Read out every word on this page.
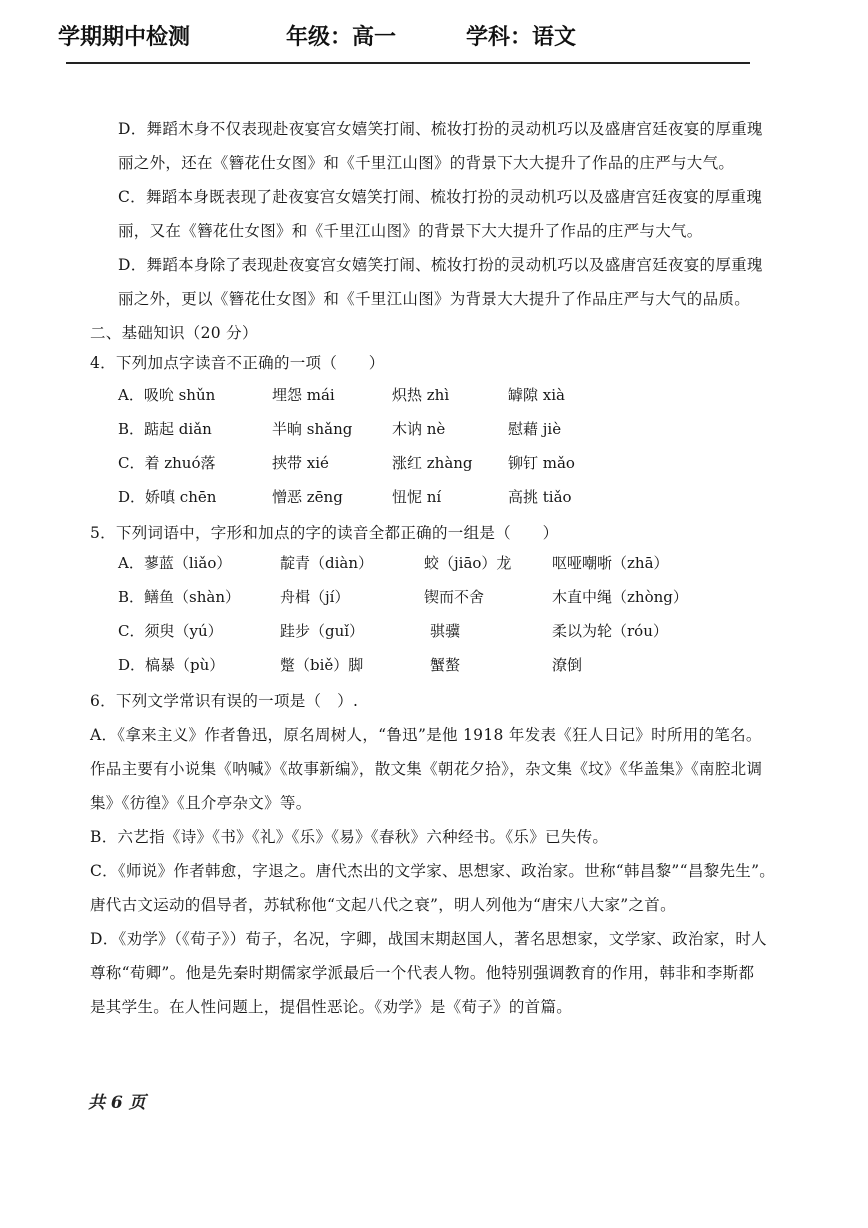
学期期中检测	年级：高一	学科：语文
D．舞蹈木身不仅表现赴夜宴宫女嬉笑打闹、梳妆打扮的灵动机巧以及盛唐宫廷夜宴的厚重瑰
丽之外，还在《簪花仕女图》和《千里江山图》的背景下大大提升了作品的庄严与大气。
C．舞蹈本身既表现了赴夜宴宫女嬉笑打闹、梳妆打扮的灵动机巧以及盛唐宫廷夜宴的厚重瑰
丽，又在《簪花仕女图》和《千里江山图》的背景下大大提升了作品的庄严与大气。
D．舞蹈本身除了表现赴夜宴宫女嬉笑打闹、梳妆打扮的灵动机巧以及盛唐宫廷夜宴的厚重瑰
丽之外，更以《簪花仕女图》和《千里江山图》为背景大大提升了作品庄严与大气的品质。
二、基础知识（20 分）
4．下列加点字读音不正确的一项（　　）
A．吸吮 shǔn	埋怨 mái	炽热 zhì	罅隙 xià
B．踮起 diǎn	半晌 shǎng	木讷 nè	慰藉 jiè
C．着 zhuó落	挟带 xié	涨红 zhàng 铆钉 mǎo
D．娇嗔 chēn	憎恶 zēng	忸怩 ní	高挑 tiǎo
5．下列词语中，字形和加点的字的读音全都正确的一组是（　　）
A．蓼蓝（liǎo）	靛青（diàn）	蛟（jiāo）龙	呕哑嘲哳（zhā）
B．鳝鱼（shàn）	舟楫（jí）	锲而不舍	木直中绳（zhòng）
C．须臾（yú）	跬步（guǐ）	骐骥	柔以为轮（róu）
D．槁暴（pù）	蹩（biě）脚	蟹螯	潦倒
6．下列文学常识有误的一项是（　）.
A．《拿来主义》作者鲁迅，原名周树人，“鲁迅”是他 1918 年发表《狂人日记》时所用的笔名。
作品主要有小说集《呐喊》《故事新编》，散文集《朝花夕拾》，杂文集《坟》《华盖集》《南腔北调
集》《彷徨》《且介亭杂文》等。
B．六艺指《诗》《书》《礼》《乐》《易》《春秋》六种经书。《乐》已失传。
C．《师说》作者韩愈，字退之。唐代杰出的文学家、思想家、政治家。世称“韩昌黎”“昌黎先生”。
唐代古文运动的倡导者，苏轼称他“文起八代之衰”，明人列他为“唐宋八大家”之首。
D．《劝学》（《荀子》）荀子，名况，字卿，战国末期赵国人，著名思想家，文学家、政治家，时人
尊称“荀卿”。他是先秦时期儒家学派最后一个代表人物。他特别强调教育的作用，韩非和李斯都
是其学生。在人性问题上，提倡性恶论。《劝学》是《荀子》的首篇。
共 6 页
